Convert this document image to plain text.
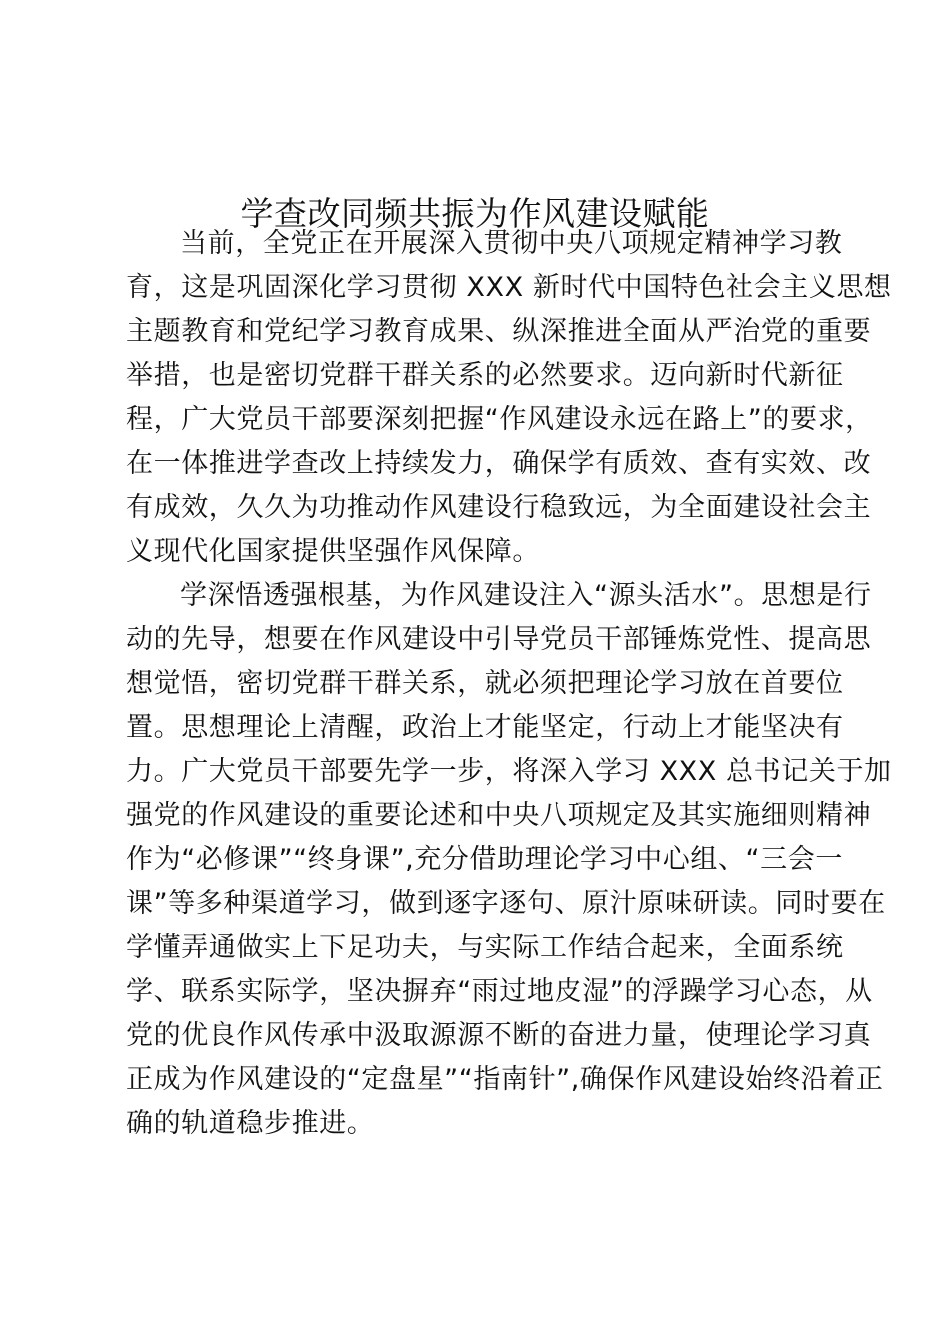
学查改同频共振为作风建设赋能
当前，全党正在开展深入贯彻中央八项规定精神学习教
育，这是巩固深化学习贯彻 XXX 新时代中国特色社会主义思想
主题教育和党纪学习教育成果、纵深推进全面从严治党的重要
举措，也是密切党群干群关系的必然要求。迈向新时代新征
程，广大党员干部要深刻把握“作风建设永远在路上”的要求，
在一体推进学查改上持续发力，确保学有质效、查有实效、改
有成效，久久为功推动作风建设行稳致远，为全面建设社会主
义现代化国家提供坚强作风保障。
学深悟透强根基，为作风建设注入“源头活水”。思想是行
动的先导，想要在作风建设中引导党员干部锤炼党性、提高思
想觉悟，密切党群干群关系，就必须把理论学习放在首要位
置。思想理论上清醒，政治上才能坚定，行动上才能坚决有
力。广大党员干部要先学一步，将深入学习 XXX 总书记关于加
强党的作风建设的重要论述和中央八项规定及其实施细则精神
作为“必修课”“终身课”,充分借助理论学习中心组、“三会一
课”等多种渠道学习，做到逐字逐句、原汁原味研读。同时要在
学懂弄通做实上下足功夫，与实际工作结合起来，全面系统
学、联系实际学，坚决摒弃“雨过地皮湿”的浮躁学习心态，从
党的优良作风传承中汲取源源不断的奋进力量，使理论学习真
正成为作风建设的“定盘星”“指南针”,确保作风建设始终沿着正
确的轨道稳步推进。
